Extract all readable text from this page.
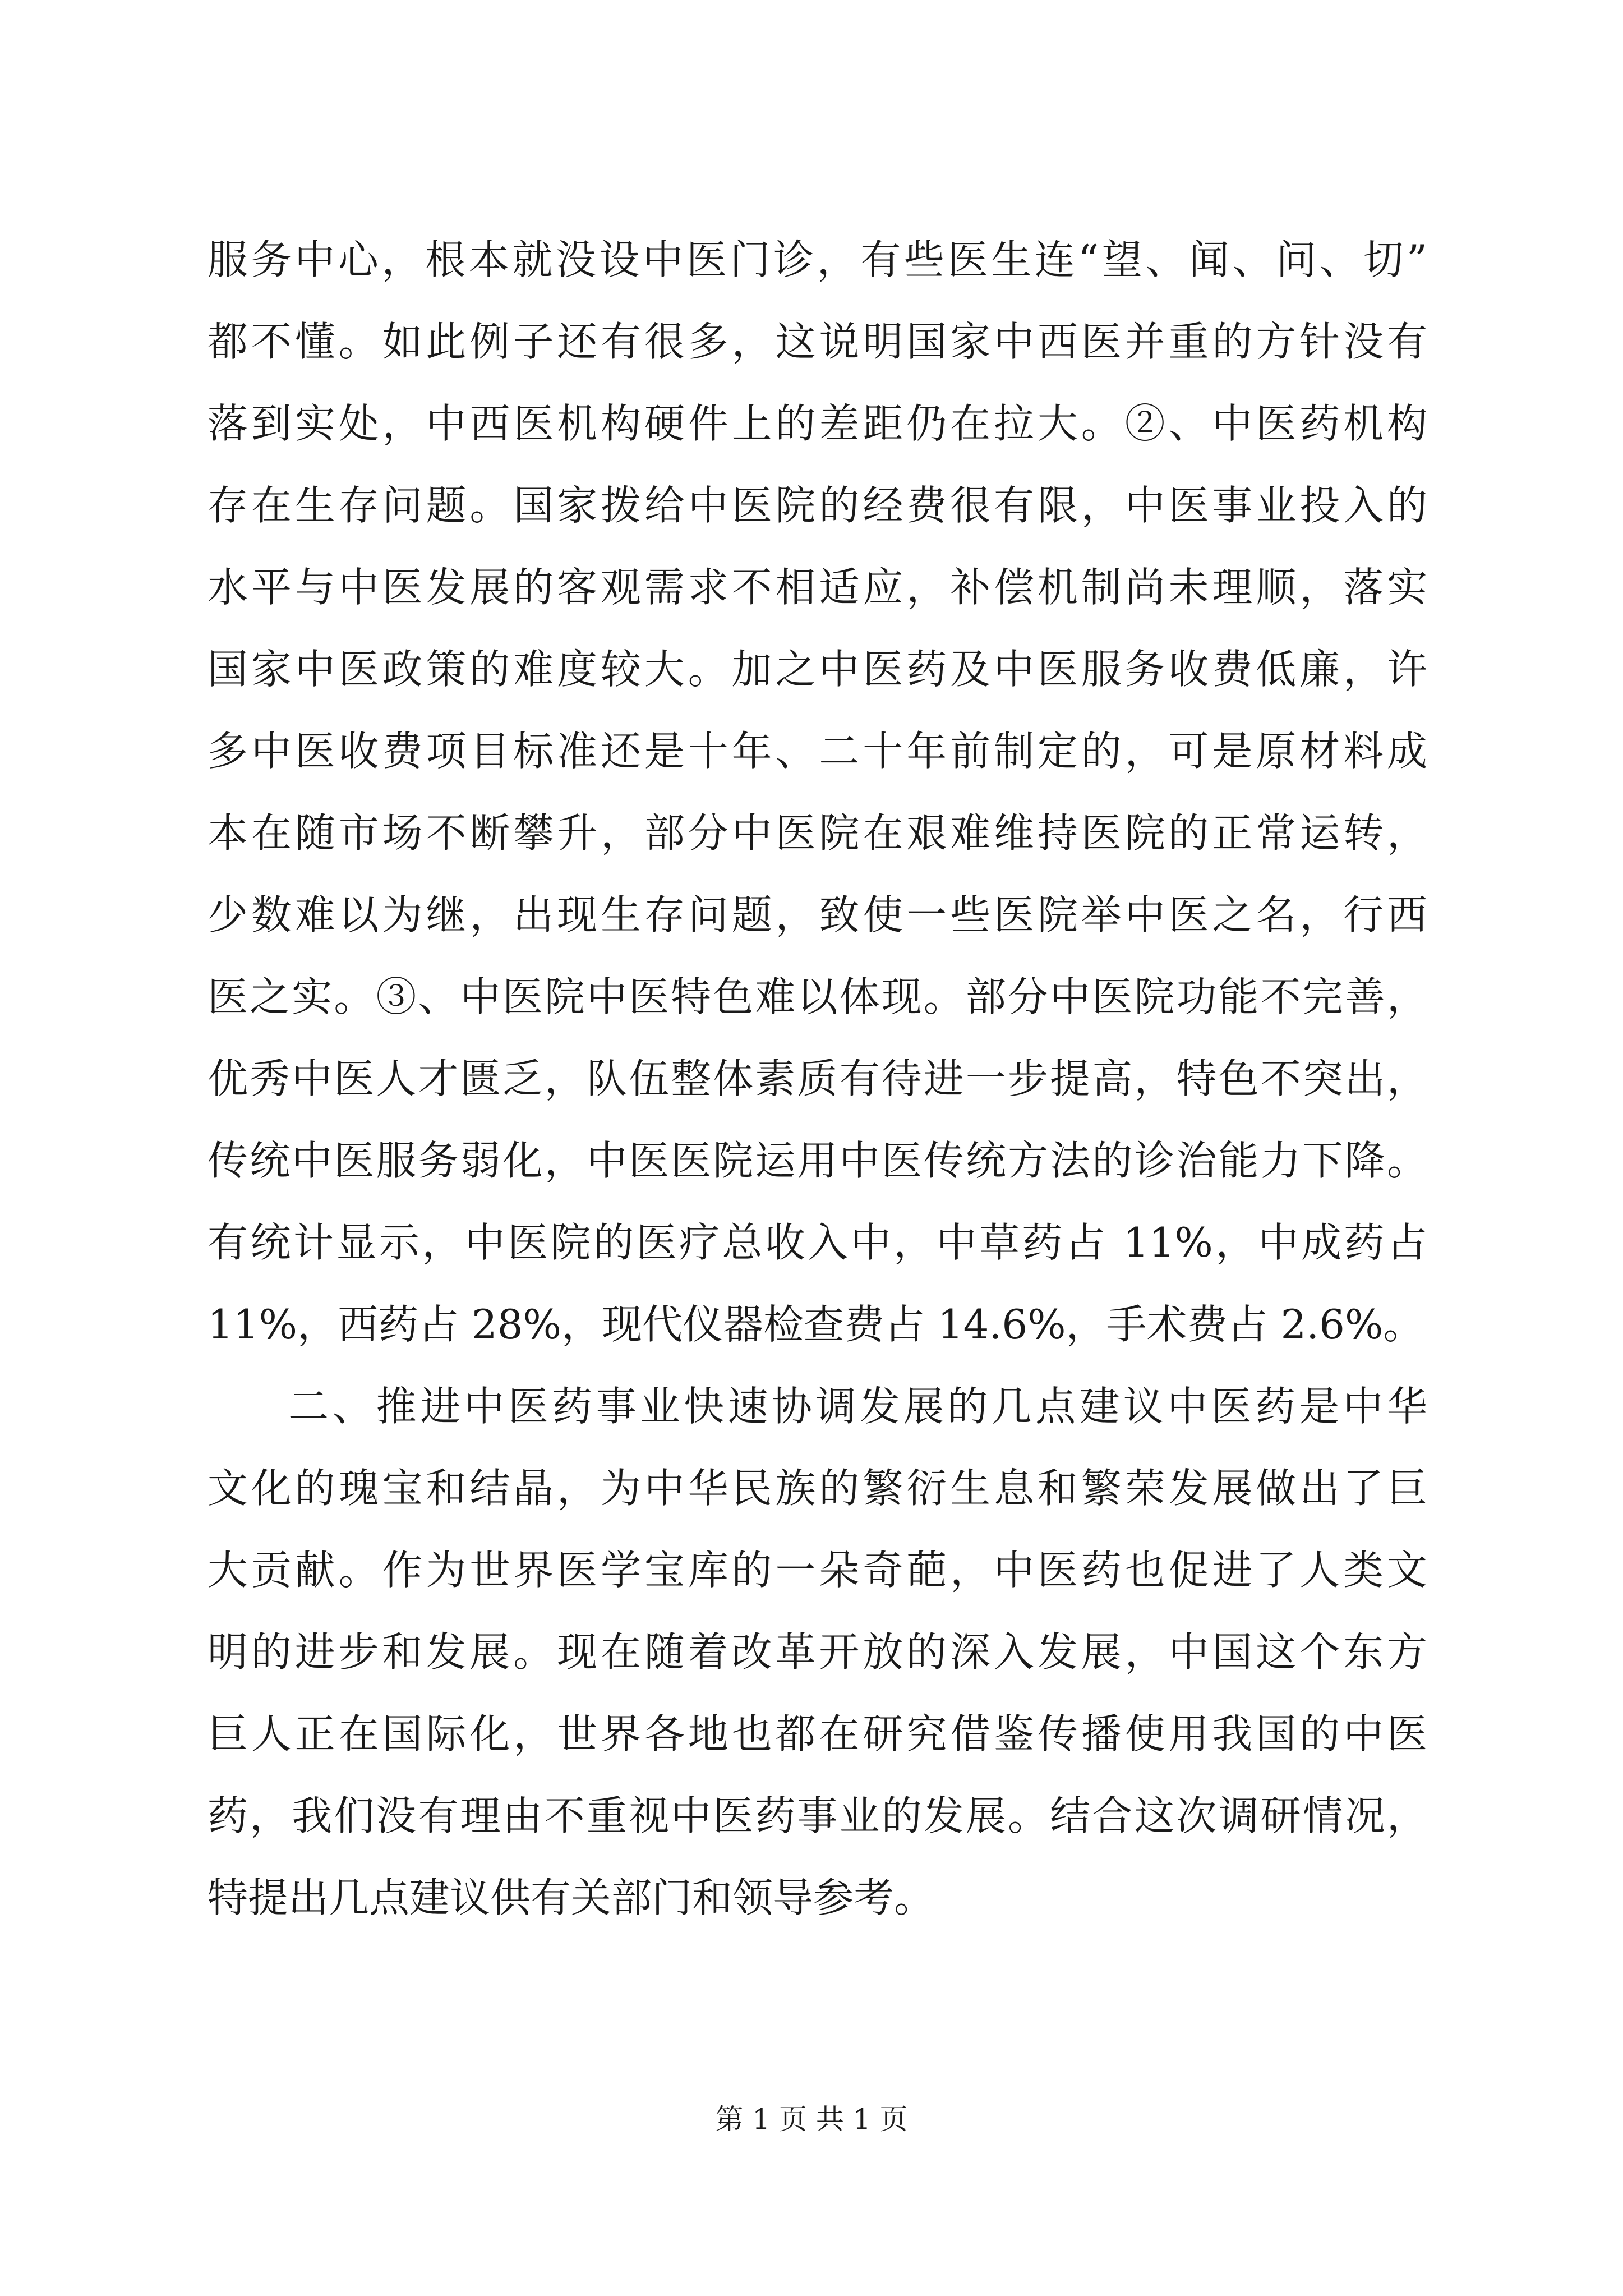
服务中心，根本就没设中医门诊，有些医生连“望、闻、问、切”
都不懂。如此例子还有很多，这说明国家中西医并重的方针没有
落到实处，中西医机构硬件上的差距仍在拉大。②、中医药机构
存在生存问题。国家拨给中医院的经费很有限，中医事业投入的
水平与中医发展的客观需求不相适应，补偿机制尚未理顺，落实
国家中医政策的难度较大。加之中医药及中医服务收费低廉，许
多中医收费项目标准还是十年、二十年前制定的，可是原材料成
本在随市场不断攀升，部分中医院在艰难维持医院的正常运转，
少数难以为继，出现生存问题，致使一些医院举中医之名，行西
医之实。③、中医院中医特色难以体现。部分中医院功能不完善，
优秀中医人才匮乏，队伍整体素质有待进一步提高，特色不突出，
传统中医服务弱化，中医医院运用中医传统方法的诊治能力下降。
有统计显示，中医院的医疗总收入中，中草药占 11%，中成药占
11%，西药占 28%，现代仪器检查费占 14.6%，手术费占 2.6%。
二、推进中医药事业快速协调发展的几点建议中医药是中华
文化的瑰宝和结晶，为中华民族的繁衍生息和繁荣发展做出了巨
大贡献。作为世界医学宝库的一朵奇葩，中医药也促进了人类文
明的进步和发展。现在随着改革开放的深入发展，中国这个东方
巨人正在国际化，世界各地也都在研究借鉴传播使用我国的中医
药，我们没有理由不重视中医药事业的发展。结合这次调研情况，
特提出几点建议供有关部门和领导参考。
第 1 页 共 1 页
